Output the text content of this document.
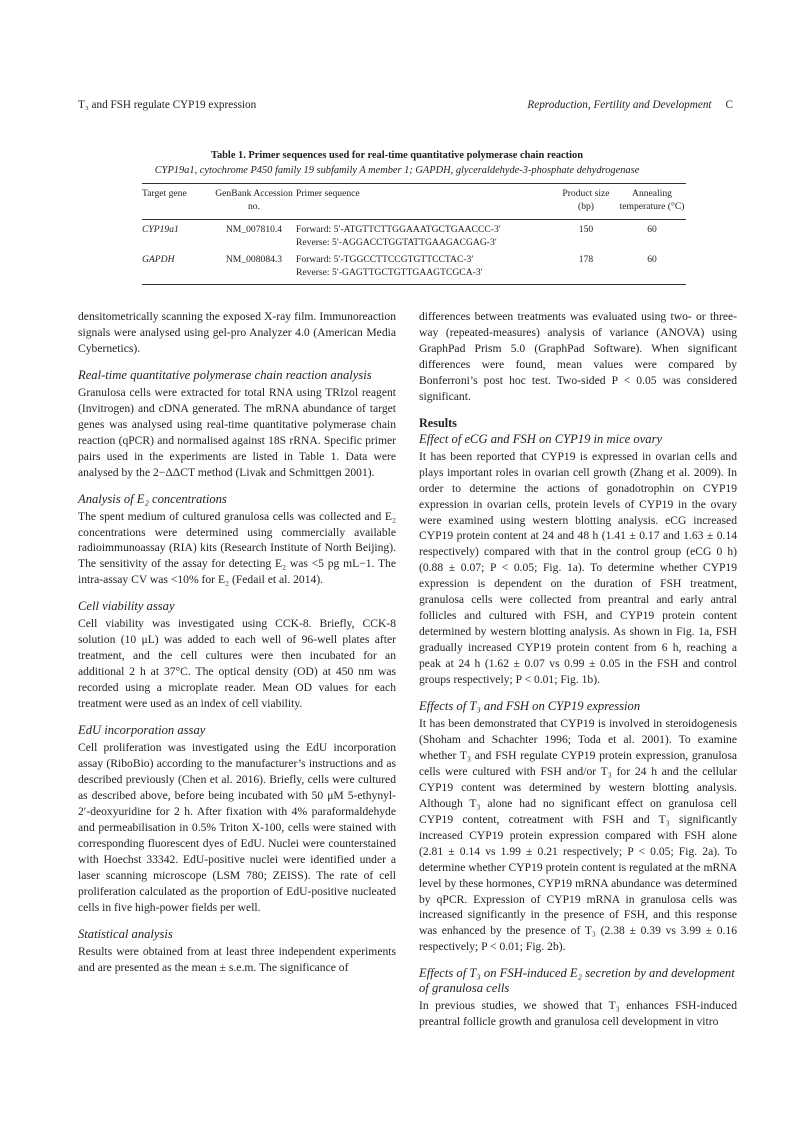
T₃ and FSH regulate CYP19 expression	Reproduction, Fertility and Development C
Table 1. Primer sequences used for real-time quantitative polymerase chain reaction
CYP19a1, cytochrome P450 family 19 subfamily A member 1; GAPDH, glyceraldehyde-3-phosphate dehydrogenase
Target gene	GenBank Accession no.	Primer sequence	Product size (bp)	Annealing temperature (°C)

CYP19a1	NM_007810.4	Forward: 5′-ATGTTCTTGGAAATGCTGAACCC-3′
Reverse: 5′-AGGACCTGGTATTGAAGACGAG-3′	150	60

GAPDH	NM_008084.3	Forward: 5′-TGGCCTTCCGTGTTCCTAC-3′
Reverse: 5′-GAGTTGCTGTTGAAGTCGCA-3′	178	60

densitometrically scanning the exposed X-ray film. Immunoreaction signals were analysed using gel-pro Analyzer 4.0 (American Media Cybernetics).

Real-time quantitative polymerase chain reaction analysis

Granulosa cells were extracted for total RNA using TRIzol reagent (Invitrogen) and cDNA generated. The mRNA abundance of target genes was analysed using real-time quantitative polymerase chain reaction (qPCR) and normalised against 18S rRNA. Specific primer pairs used in the experiments are listed in Table 1. Data were analysed by the 2−ΔΔCT method (Livak and Schmittgen 2001).

Analysis of E₂ concentrations

The spent medium of cultured granulosa cells was collected and E₂ concentrations were determined using commercially available radioimmunoassay (RIA) kits (Research Institute of North Beijing). The sensitivity of the assay for detecting E₂ was <5 pg mL−1. The intra-assay CV was <10% for E₂ (Fedail et al. 2014).

Cell viability assay

Cell viability was investigated using CCK-8. Briefly, CCK-8 solution (10 μL) was added to each well of 96-well plates after treatment, and the cell cultures were then incubated for an additional 2 h at 37°C. The optical density (OD) at 450 nm was recorded using a microplate reader. Mean OD values for each treatment were used as an index of cell viability.

EdU incorporation assay

Cell proliferation was investigated using the EdU incorporation assay (RiboBio) according to the manufacturer’s instructions and as described previously (Chen et al. 2016). Briefly, cells were cultured as described above, before being incubated with 50 μM 5-ethynyl-2′-deoxyuridine for 2 h. After fixation with 4% paraformaldehyde and permeabilisation in 0.5% Triton X-100, cells were stained with corresponding fluorescent dyes of EdU. Nuclei were counterstained with Hoechst 33342. EdU-positive nuclei were identified under a laser scanning microscope (LSM 780; ZEISS). The rate of cell proliferation calculated as the proportion of EdU-positive nucleated cells in five high-power fields per well.

Statistical analysis

Results were obtained from at least three independent experiments and are presented as the mean ± s.e.m. The significance of

differences between treatments was evaluated using two- or three-way (repeated-measures) analysis of variance (ANOVA) using GraphPad Prism 5.0 (GraphPad Software). When significant differences were found, mean values were compared by Bonferroni’s post hoc test. Two-sided P < 0.05 was considered significant.

Results
Effect of eCG and FSH on CYP19 in mice ovary

It has been reported that CYP19 is expressed in ovarian cells and plays important roles in ovarian cell growth (Zhang et al. 2009). In order to determine the actions of gonadotrophin on CYP19 expression in ovarian cells, protein levels of CYP19 in the ovary were examined using western blotting analysis. eCG increased CYP19 protein content at 24 and 48 h (1.41 ± 0.17 and 1.63 ± 0.14 respectively) compared with that in the control group (eCG 0 h) (0.88 ± 0.07; P < 0.05; Fig. 1a). To determine whether CYP19 expression is dependent on the duration of FSH treatment, granulosa cells were collected from preantral and early antral follicles and cultured with FSH, and CYP19 protein content determined by western blotting analysis. As shown in Fig. 1a, FSH gradually increased CYP19 protein content from 6 h, reaching a peak at 24 h (1.62 ± 0.07 vs 0.99 ± 0.05 in the FSH and control groups respectively; P < 0.01; Fig. 1b).

Effects of T₃ and FSH on CYP19 expression

It has been demonstrated that CYP19 is involved in steroidogenesis (Shoham and Schachter 1996; Toda et al. 2001). To examine whether T₃ and FSH regulate CYP19 protein expression, granulosa cells were cultured with FSH and/or T₃ for 24 h and the cellular CYP19 content was determined by western blotting analysis. Although T₃ alone had no significant effect on granulosa cell CYP19 content, cotreatment with FSH and T₃ significantly increased CYP19 protein expression compared with FSH alone (2.81 ± 0.14 vs 1.99 ± 0.21 respectively; P < 0.05; Fig. 2a). To determine whether CYP19 protein content is regulated at the mRNA level by these hormones, CYP19 mRNA abundance was determined by qPCR. Expression of CYP19 mRNA in granulosa cells was increased significantly in the presence of FSH, and this response was enhanced by the presence of T₃ (2.38 ± 0.39 vs 3.99 ± 0.16 respectively; P < 0.01; Fig. 2b).

Effects of T₃ on FSH-induced E₂ secretion by and development of granulosa cells

In previous studies, we showed that T₃ enhances FSH-induced preantral follicle growth and granulosa cell development in vitro
